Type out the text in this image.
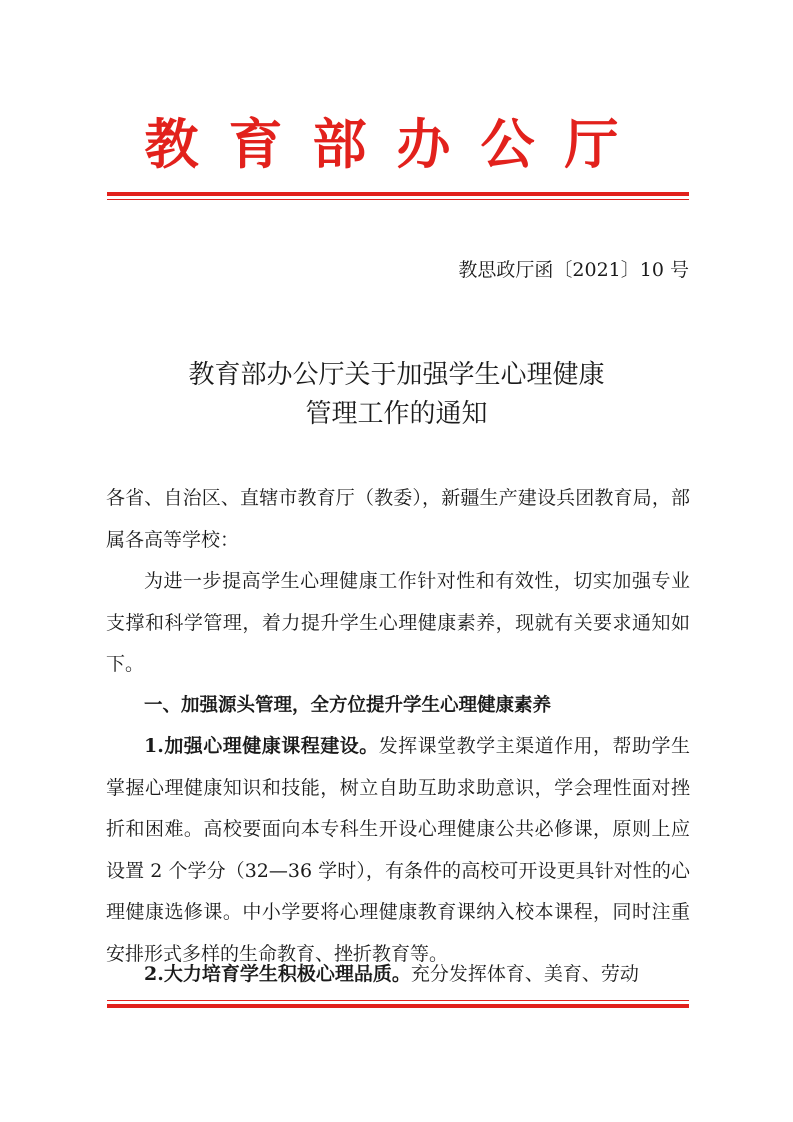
教育部办公厅
教思政厅函〔2021〕10 号
教育部办公厅关于加强学生心理健康
管理工作的通知
各省、自治区、直辖市教育厅（教委），新疆生产建设兵团教育局，部属各高等学校：
为进一步提高学生心理健康工作针对性和有效性，切实加强专业支撑和科学管理，着力提升学生心理健康素养，现就有关要求通知如下。
一、加强源头管理，全方位提升学生心理健康素养
1.加强心理健康课程建设。发挥课堂教学主渠道作用，帮助学生掌握心理健康知识和技能，树立自助互助求助意识，学会理性面对挫折和困难。高校要面向本专科生开设心理健康公共必修课，原则上应设置 2 个学分（32—36 学时），有条件的高校可开设更具针对性的心理健康选修课。中小学要将心理健康教育课纳入校本课程，同时注重安排形式多样的生命教育、挫折教育等。
2.大力培育学生积极心理品质。充分发挥体育、美育、劳动
